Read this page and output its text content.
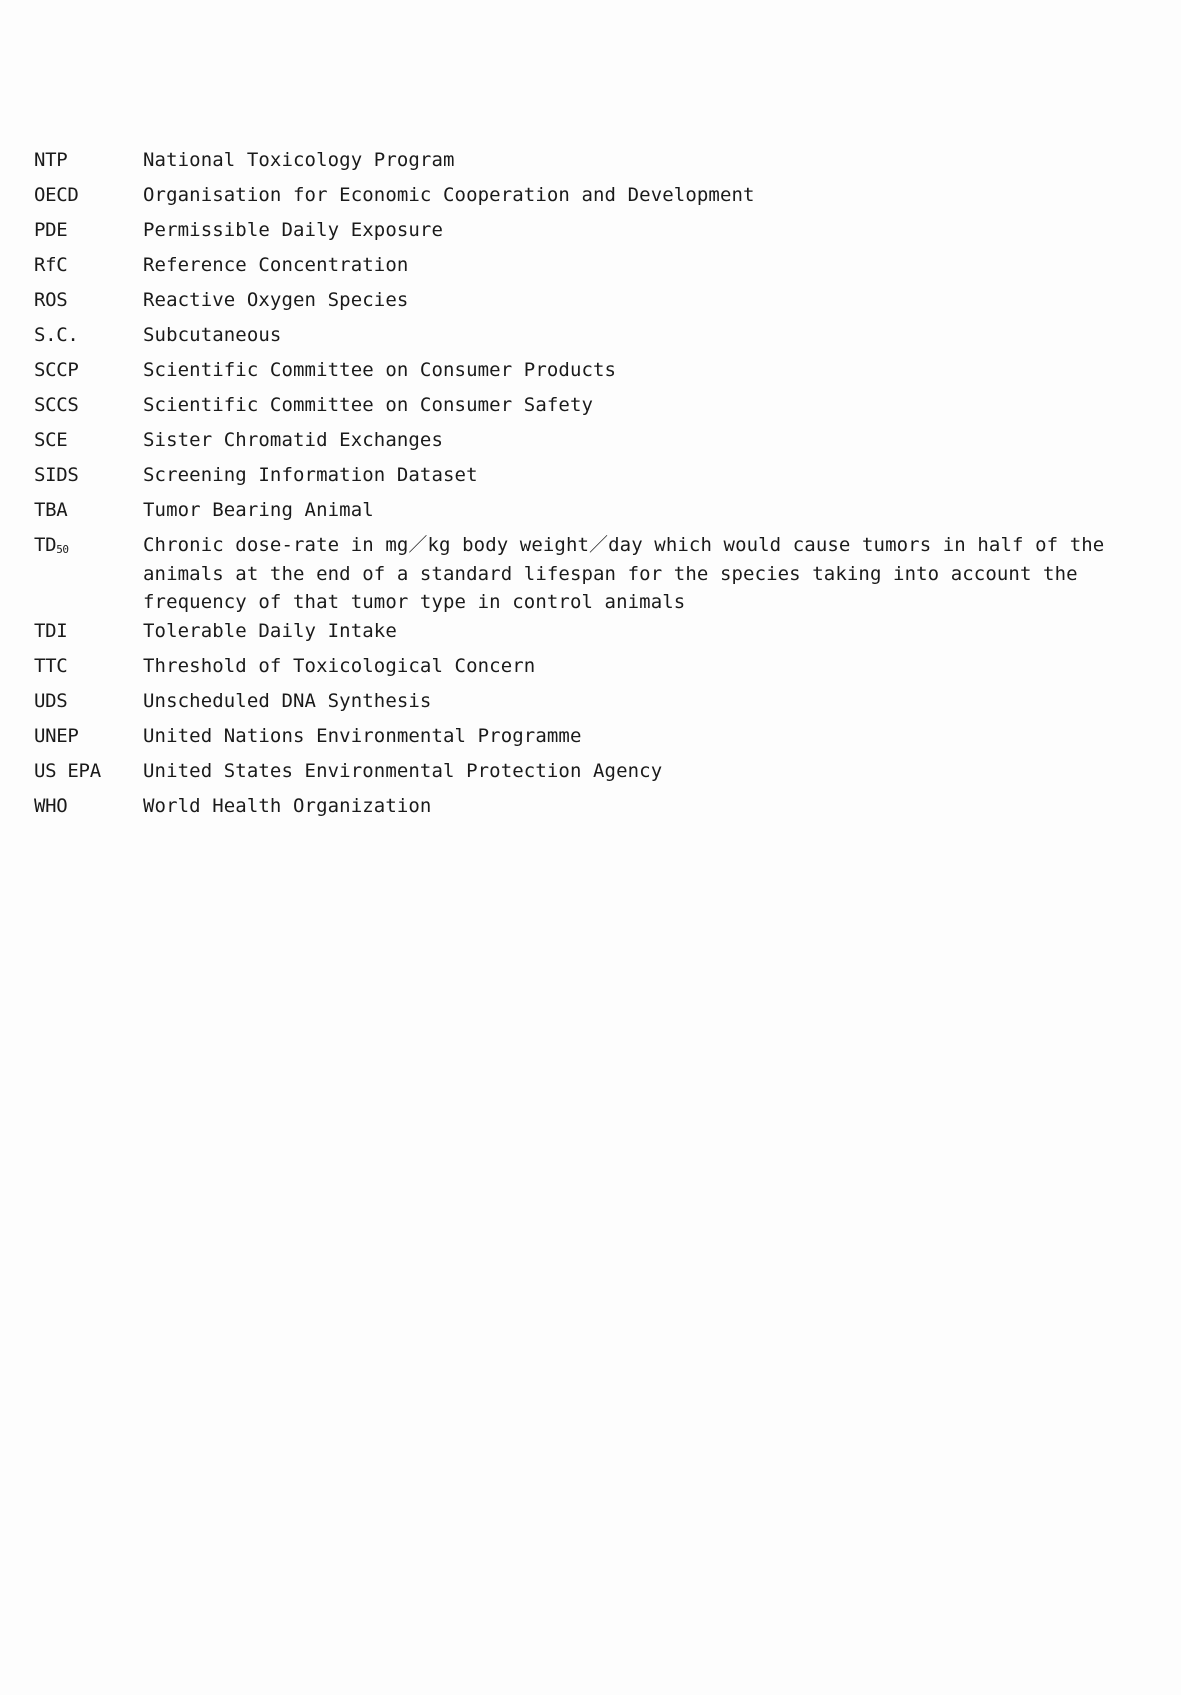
NTP	National Toxicology Program
OECD	Organisation for Economic Cooperation and Development
PDE	Permissible Daily Exposure
RfC	Reference Concentration
ROS	Reactive Oxygen Species
S.C.	Subcutaneous
SCCP	Scientific Committee on Consumer Products
SCCS	Scientific Committee on Consumer Safety
SCE	Sister Chromatid Exchanges
SIDS	Screening Information Dataset
TBA	Tumor Bearing Animal
TD50	Chronic dose-rate in mg／kg body weight／day which would cause tumors in half of the animals at the end of a standard lifespan for the species taking into account the frequency of that tumor type in control animals
TDI	Tolerable Daily Intake
TTC	Threshold of Toxicological Concern
UDS	Unscheduled DNA Synthesis
UNEP	United Nations Environmental Programme
US EPA	United States Environmental Protection Agency
WHO	World Health Organization
